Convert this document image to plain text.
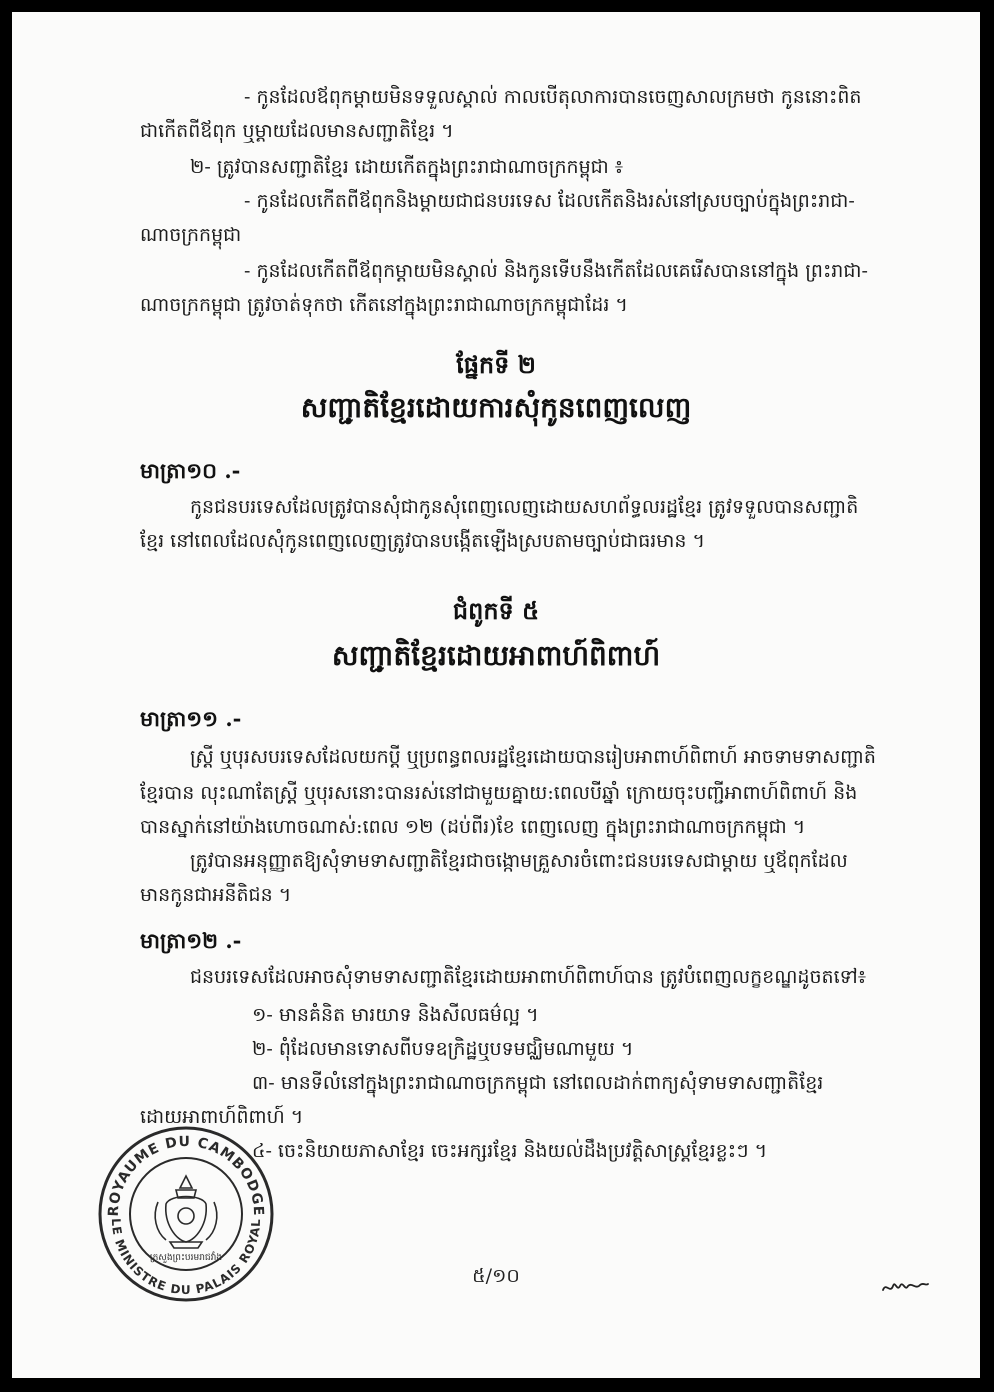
- កូនដែលឪពុកម្តាយមិនទទួលស្គាល់ កាលបើតុលាការបានចេញសាលក្រមថា កូននោះពិត
ជាកើតពីឪពុក ឬម្តាយដែលមានសញ្ជាតិខ្មែរ ។
២- ត្រូវបានសញ្ជាតិខ្មែរ ដោយកើតក្នុងព្រះរាជាណាចក្រកម្ពុជា ៖
- កូនដែលកើតពីឪពុកនិងម្តាយជាជនបរទេស ដែលកើតនិងរស់នៅស្របច្បាប់ក្នុងព្រះរាជា-
ណាចក្រកម្ពុជា
- កូនដែលកើតពីឪពុកម្តាយមិនស្គាល់ និងកូនទើបនឹងកើតដែលគេរើសបាននៅក្នុង ព្រះរាជា-
ណាចក្រកម្ពុជា ត្រូវចាត់ទុកថា កើតនៅក្នុងព្រះរាជាណាចក្រកម្ពុជាដែរ ។
ផ្នែកទី ២
សញ្ជាតិខ្មែរដោយការសុំកូនពេញលេញ
មាត្រា១០ .-
កូនជនបរទេសដែលត្រូវបានសុំជាកូនសុំពេញលេញដោយសហព័ទ្ធលរដ្ឋខ្មែរ ត្រូវទទួលបានសញ្ជាតិ
ខ្មែរ នៅពេលដែលសុំកូនពេញលេញត្រូវបានបង្កើតឡើងស្របតាមច្បាប់ជាធរមាន ។
ជំពូកទី ៥
សញ្ជាតិខ្មែរដោយអាពាហ៍ពិពាហ៍
មាត្រា១១ .-
ស្ត្រី ឬបុរសបរទេសដែលយកប្តី ឬប្រពន្ធពលរដ្ឋខ្មែរដោយបានរៀបអាពាហ៍ពិពាហ៍ អាចទាមទាសញ្ជាតិ
ខ្មែរបាន លុះណាតែស្ត្រី ឬបុរសនោះបានរស់នៅជាមួយគ្នាយ:ពេលបីឆ្នាំ ក្រោយចុះបញ្ជីអាពាហ៍ពិពាហ៍ និង
បានស្នាក់នៅយ៉ាងហោចណាស់:ពេល ១២ (ដប់ពីរ)ខែ ពេញលេញ ក្នុងព្រះរាជាណាចក្រកម្ពុជា ។
ត្រូវបានអនុញ្ញាតឱ្យសុំទាមទាសញ្ជាតិខ្មែរជាចង្កោមគ្រួសារចំពោះជនបរទេសជាម្តាយ ឬឪពុកដែល
មានកូនជាអនីតិជន ។
មាត្រា១២ .-
ជនបរទេសដែលអាចសុំទាមទាសញ្ជាតិខ្មែរដោយអាពាហ៍ពិពាហ៍បាន ត្រូវបំពេញលក្ខខណ្ឌដូចតទៅ៖
១- មានគំនិត មារយាទ និងសីលធម៌ល្អ ។
២- ពុំដែលមានទោសពីបទឧក្រិដ្ឋឬបទមជ្ឈិមណាមួយ ។
៣- មានទីលំនៅក្នុងព្រះរាជាណាចក្រកម្ពុជា នៅពេលដាក់ពាក្យសុំទាមទាសញ្ជាតិខ្មែរ
ដោយអាពាហ៍ពិពាហ៍ ។
៤- ចេះនិយាយភាសាខ្មែរ ចេះអក្សរខ្មែរ និងយល់ដឹងប្រវត្តិសាស្ត្រខ្មែរខ្លះៗ ។
ROYAUME DU CAMBODGE
LE MINISTRE DU PALAIS ROYAL
ក្រសួងព្រះបរមរាជវាំង
៥/១០
